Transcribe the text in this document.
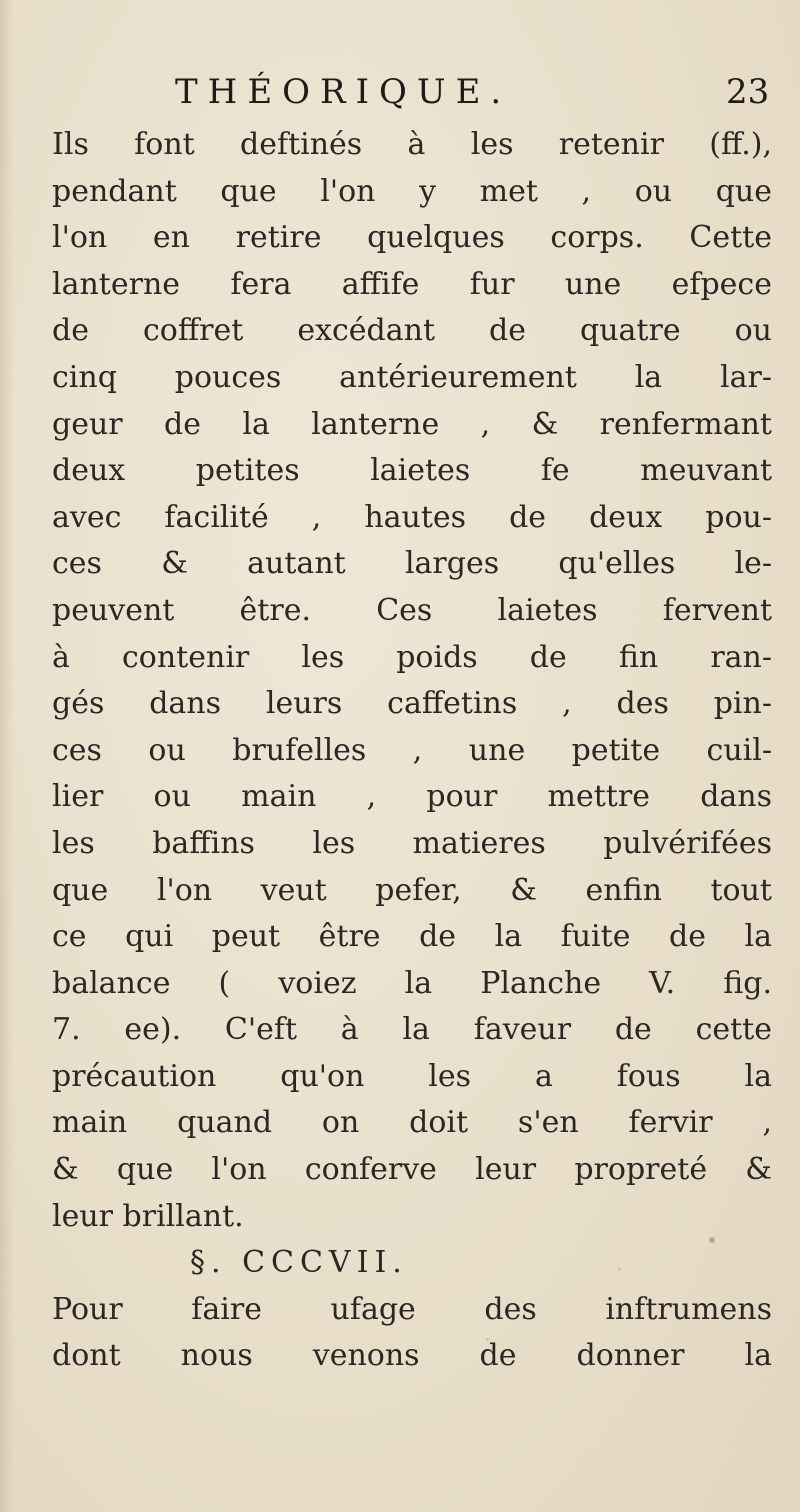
THÉORIQUE.	23
Ils font deftinés à les retenir (ff.),
pendant que l'on y met , ou que
l'on en retire quelques corps. Cette
lanterne fera affife fur une efpece
de coffret excédant de quatre ou
cinq pouces antérieurement la lar-
geur de la lanterne , & renfermant
deux petites laietes fe meuvant
avec facilité , hautes de deux pou-
ces & autant larges qu'elles le-
peuvent être. Ces laietes fervent
à contenir les poids de fin ran-
gés dans leurs caffetins , des pin-
ces ou brufelles , une petite cuil-
lier ou main , pour mettre dans
les baffins les matieres pulvérifées
que l'on veut pefer, & enfin tout
ce qui peut être de la fuite de la
balance ( voiez la Planche V. fig.
7. ee). C'eft à la faveur de cette
précaution qu'on les a fous la
main quand on doit s'en fervir ,
& que l'on conferve leur propreté &
leur brillant.
§. CCCVII.
Pour faire ufage des inftrumens
dont nous venons de donner la
